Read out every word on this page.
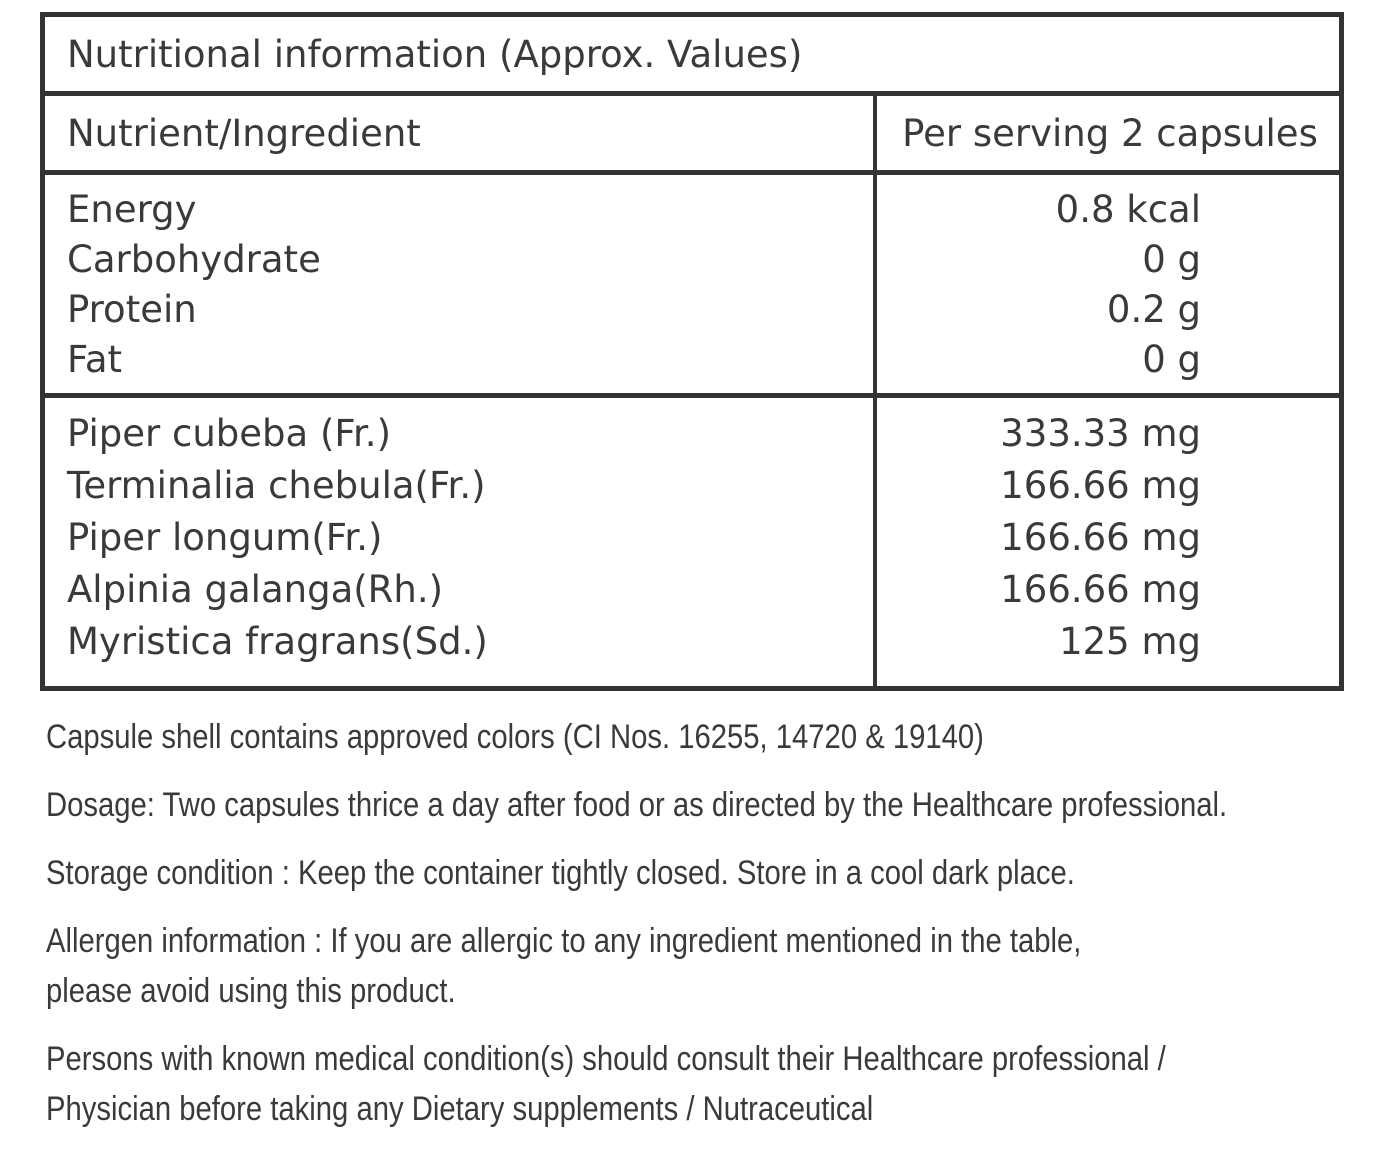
Nutritional information (Approx. Values)
Nutrient/Ingredient	Per serving 2 capsules
Energy
Carbohydrate
Protein
Fat
0.8 kcal
0 g
0.2 g
0 g
Piper cubeba (Fr.)
Terminalia chebula(Fr.)
Piper longum(Fr.)
Alpinia galanga(Rh.)
Myristica fragrans(Sd.)
333.33 mg
166.66 mg
166.66 mg
166.66 mg
125 mg

Capsule shell contains approved colors (CI Nos. 16255, 14720 & 19140)

Dosage: Two capsules thrice a day after food or as directed by the Healthcare professional.

Storage condition : Keep the container tightly closed. Store in a cool dark place.

Allergen information : If you are allergic to any ingredient mentioned in the table,

please avoid using this product.

Persons with known medical condition(s) should consult their Healthcare professional /

Physician before taking any Dietary supplements / Nutraceutical
